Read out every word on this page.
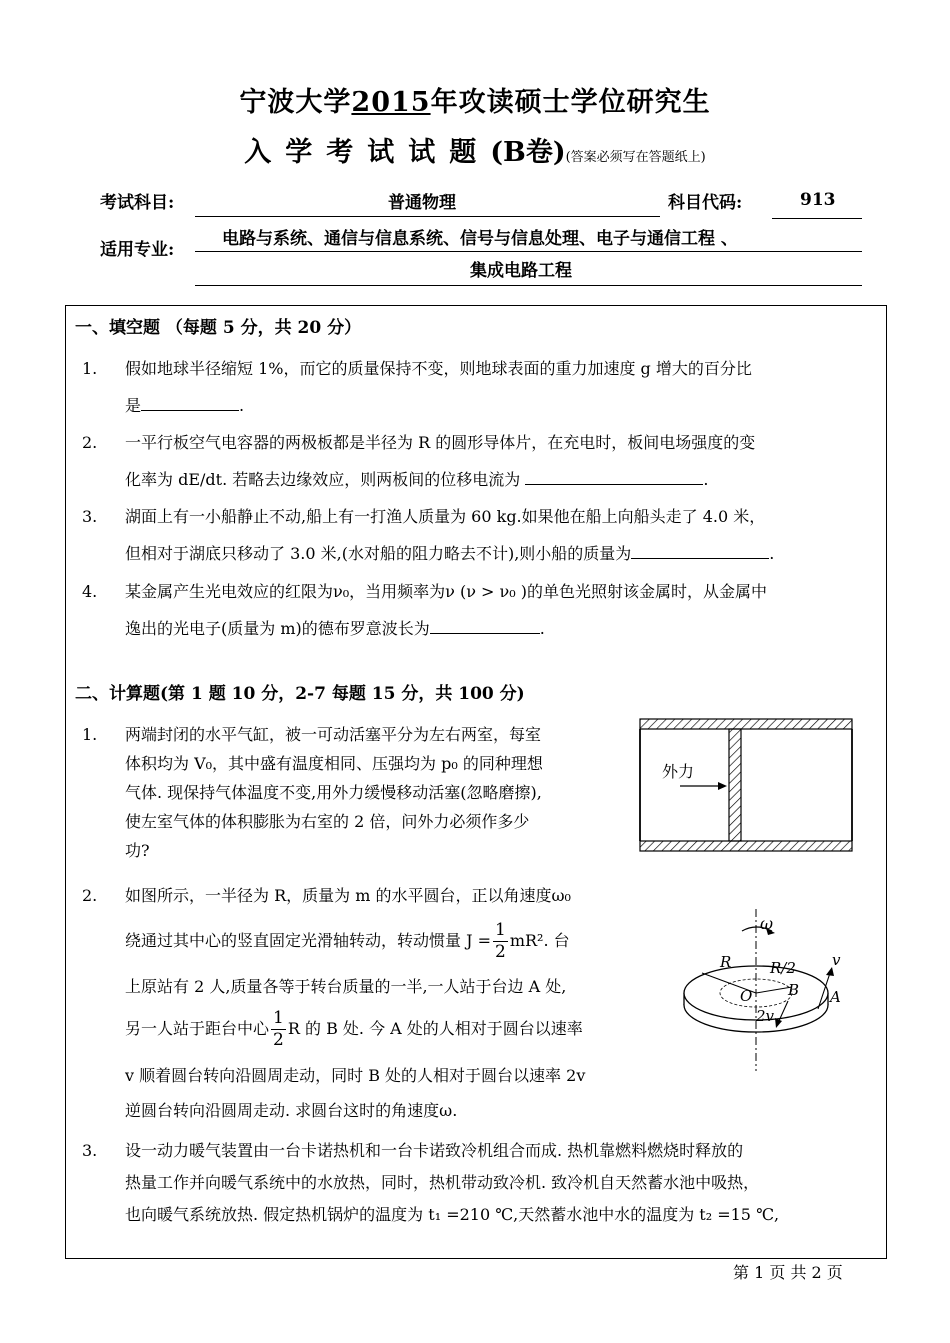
宁波大学2015年攻读硕士学位研究生
入学考试试题(B卷)(答案必须写在答题纸上)
考试科目:	普通物理	科目代码:	913
适用专业:
电路与系统、通信与信息系统、信号与信息处理、电子与通信工程 、
集成电路工程
一、填空题 （每题 5 分，共 20 分）
1.	假如地球半径缩短 1%，而它的质量保持不变，则地球表面的重力加速度 g 增大的百分比
是	.
2.	一平行板空气电容器的两极板都是半径为 R 的圆形导体片，在充电时，板间电场强度的变
化率为 dE/dt. 若略去边缘效应，则两板间的位移电流为	.
3.	湖面上有一小船静止不动,船上有一打渔人质量为 60 kg.如果他在船上向船头走了 4.0 米，
但相对于湖底只移动了 3.0 米,(水对船的阻力略去不计),则小船的质量为	.
4.	某金属产生光电效应的红限为ν₀，当用频率为ν (ν > ν₀ )的单色光照射该金属时，从金属中
逸出的光电子(质量为 m)的德布罗意波长为	.
二、计算题(第 1 题 10 分，2-7 每题 15 分，共 100 分)
1.	两端封闭的水平气缸，被一可动活塞平分为左右两室，每室
体积均为 V₀，其中盛有温度相同、压强均为 p₀ 的同种理想
气体. 现保持气体温度不变,用外力缓慢移动活塞(忽略磨擦),
使左室气体的体积膨胀为右室的 2 倍，问外力必须作多少
功?
外力
2.	如图所示，一半径为 R，质量为 m 的水平圆台，正以角速度ω₀
绕通过其中心的竖直固定光滑轴转动，转动惯量 $J = \frac{1}{2} mR^2$. 台
上原站有 2 人,质量各等于转台质量的一半,一人站于台边 A 处,
另一人站于距台中心 $\frac{1}{2}$ R 的 B 处. 今 A 处的人相对于圆台以速率
v 顺着圆台转向沿圆周走动，同时 B 处的人相对于圆台以速率 2v
逆圆台转向沿圆周走动. 求圆台这时的角速度ω.
ω
R	R/2
O B
2v
v
A
3.	设一动力暖气装置由一台卡诺热机和一台卡诺致冷机组合而成. 热机靠燃料燃烧时释放的
热量工作并向暖气系统中的水放热，同时，热机带动致冷机. 致冷机自天然蓄水池中吸热，
也向暖气系统放热. 假定热机锅炉的温度为 t₁ =210 ℃,天然蓄水池中水的温度为 t₂ =15 ℃,
第 1 页 共 2 页
